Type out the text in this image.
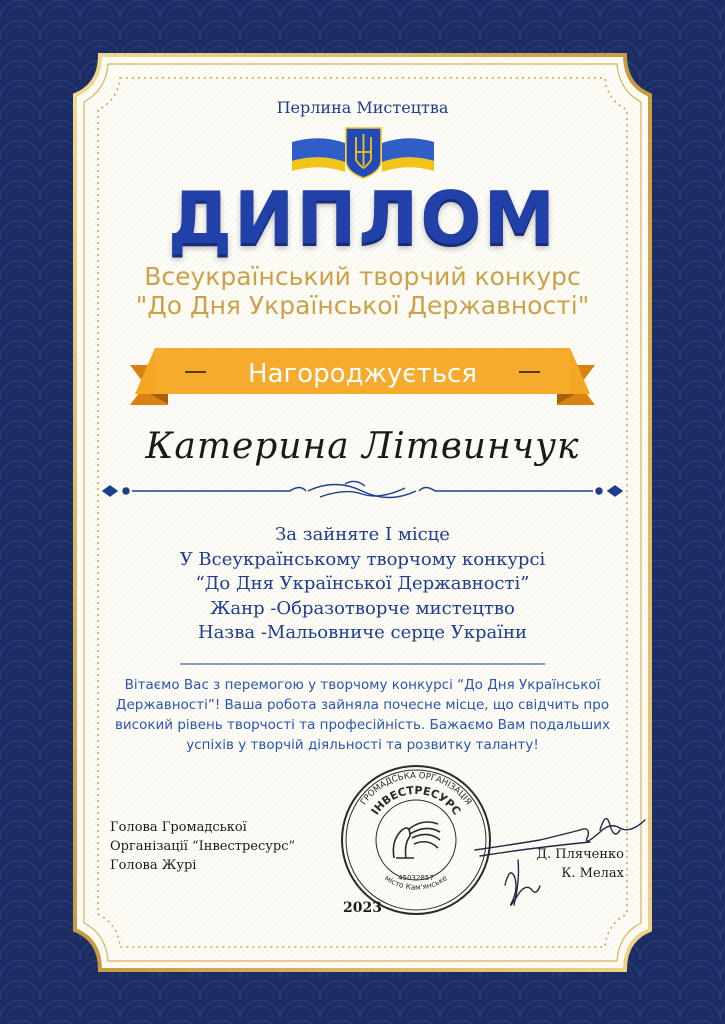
ГРОМАДСЬКА ОРГАНІЗАЦІЯ
ІНВЕСТРЕСУРС
місто Кам'янське
45032857
Перлина Мистецтва
ДИПЛОМ
Всеукраїнський творчий конкурс
"До Дня Української Державності"
Нагороджується
Катерина Літвинчук
За зайняте І місце
У Всеукраїнському творчому конкурсі
“До Дня Української Державності”
Жанр -Образотворче мистецтво
Назва -Мальовниче серце України
Вітаємо Вас з перемогою у творчому конкурсі “До Дня Української Державності”! Ваша робота зайняла почесне місце, що свідчить про високий рівень творчості та професійність. Бажаємо Вам подальших успіхів у творчій діяльності та розвитку таланту!
Голова Громадської
Організації “Інвестресурс”
Голова Журі
Д. Пляченко
К. Мелах
2023
